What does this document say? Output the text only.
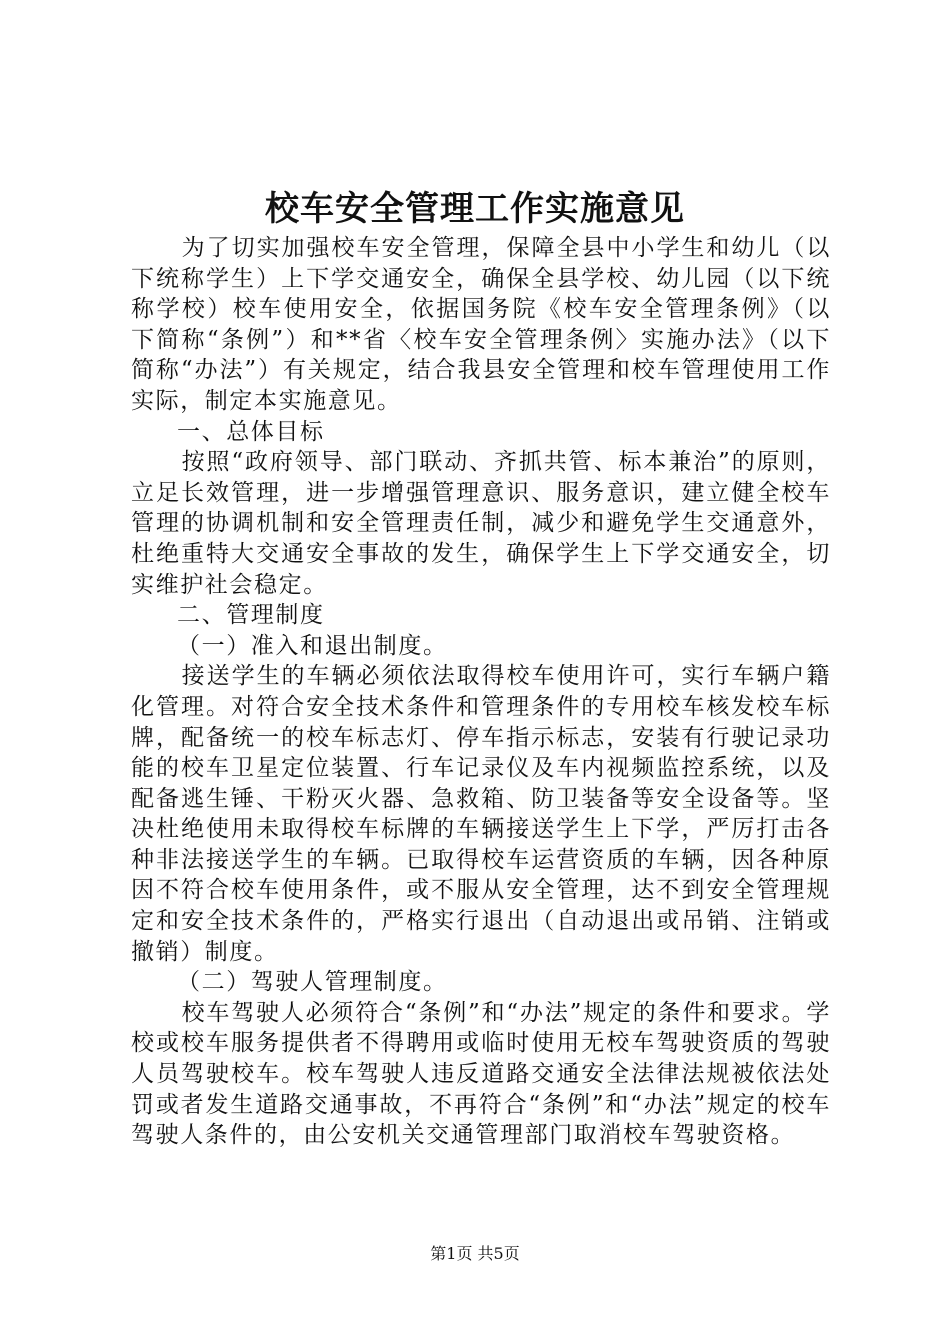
校车安全管理工作实施意见

为了切实加强校车安全管理，保障全县中小学生和幼儿（以下统称学生）上下学交通安全，确保全县学校、幼儿园（以下统称学校）校车使用安全，依据国务院《校车安全管理条例》（以下简称“条例”）和**省〈校车安全管理条例〉实施办法》（以下简称“办法”）有关规定，结合我县安全管理和校车管理使用工作实际，制定本实施意见。

一、总体目标

按照“政府领导、部门联动、齐抓共管、标本兼治”的原则，立足长效管理，进一步增强管理意识、服务意识，建立健全校车管理的协调机制和安全管理责任制，减少和避免学生交通意外，杜绝重特大交通安全事故的发生，确保学生上下学交通安全，切实维护社会稳定。

二、管理制度

（一）准入和退出制度。

接送学生的车辆必须依法取得校车使用许可，实行车辆户籍化管理。对符合安全技术条件和管理条件的专用校车核发校车标牌，配备统一的校车标志灯、停车指示标志，安装有行驶记录功能的校车卫星定位装置、行车记录仪及车内视频监控系统，以及配备逃生锤、干粉灭火器、急救箱、防卫装备等安全设备等。坚决杜绝使用未取得校车标牌的车辆接送学生上下学，严厉打击各种非法接送学生的车辆。已取得校车运营资质的车辆，因各种原因不符合校车使用条件，或不服从安全管理，达不到安全管理规定和安全技术条件的，严格实行退出（自动退出或吊销、注销或撤销）制度。

（二）驾驶人管理制度。

校车驾驶人必须符合“条例”和“办法”规定的条件和要求。学校或校车服务提供者不得聘用或临时使用无校车驾驶资质的驾驶人员驾驶校车。校车驾驶人违反道路交通安全法律法规被依法处罚或者发生道路交通事故，不再符合“条例”和“办法”规定的校车驾驶人条件的，由公安机关交通管理部门取消校车驾驶资格。

第1页 共5页
